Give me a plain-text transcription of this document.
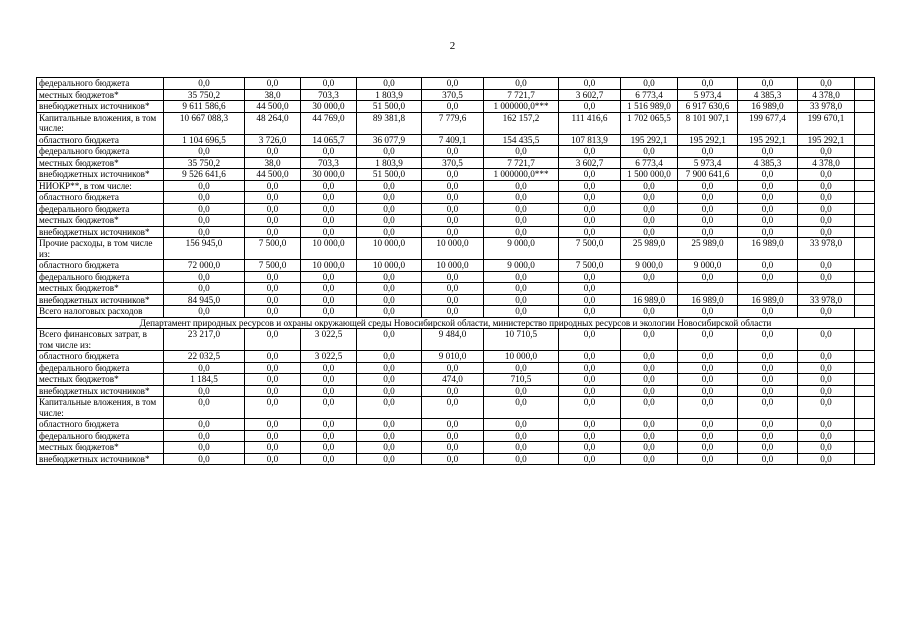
2
федерального бюджета	0,0	0,0	0,0	0,0	0,0	0,0	0,0	0,0	0,0	0,0	0,0	
местных бюджетов*	35 750,2	38,0	703,3	1 803,9	370,5	7 721,7	3 602,7	6 773,4	5 973,4	4 385,3	4 378,0	
внебюджетных источников*	9 611 586,6	44 500,0	30 000,0	51 500,0	0,0	1 000000,0***	0,0	1 516 989,0	6 917 630,6	16 989,0	33 978,0	
Капитальные вложения, в том числе:	10 667 088,3	48 264,0	44 769,0	89 381,8	7 779,6	162 157,2	111 416,6	1 702 065,5	8 101 907,1	199 677,4	199 670,1	
областного бюджета	1 104 696,5	3 726,0	14 065,7	36 077,9	7 409,1	154 435,5	107 813,9	195 292,1	195 292,1	195 292,1	195 292,1	
федерального бюджета	0,0	0,0	0,0	0,0	0,0	0,0	0,0	0,0	0,0	0,0	0,0	
местных бюджетов*	35 750,2	38,0	703,3	1 803,9	370,5	7 721,7	3 602,7	6 773,4	5 973,4	4 385,3	4 378,0	
внебюджетных источников*	9 526 641,6	44 500,0	30 000,0	51 500,0	0,0	1 000000,0***	0,0	1 500 000,0	7 900 641,6	0,0	0,0	
НИОКР**, в том числе:	0,0	0,0	0,0	0,0	0,0	0,0	0,0	0,0	0,0	0,0	0,0	
областного бюджета	0,0	0,0	0,0	0,0	0,0	0,0	0,0	0,0	0,0	0,0	0,0	
федерального бюджета	0,0	0,0	0,0	0,0	0,0	0,0	0,0	0,0	0,0	0,0	0,0	
местных бюджетов*	0,0	0,0	0,0	0,0	0,0	0,0	0,0	0,0	0,0	0,0	0,0	
внебюджетных источников*	0,0	0,0	0,0	0,0	0,0	0,0	0,0	0,0	0,0	0,0	0,0	
Прочие расходы, в том числе из:	156 945,0	7 500,0	10 000,0	10 000,0	10 000,0	9 000,0	7 500,0	25 989,0	25 989,0	16 989,0	33 978,0	
областного бюджета	72 000,0	7 500,0	10 000,0	10 000,0	10 000,0	9 000,0	7 500,0	9 000,0	9 000,0	0,0	0,0	
федерального бюджета	0,0	0,0	0,0	0,0	0,0	0,0	0,0	0,0	0,0	0,0	0,0	
местных бюджетов*	0,0	0,0	0,0	0,0	0,0	0,0	0,0					
внебюджетных источников*	84 945,0	0,0	0,0	0,0	0,0	0,0	0,0	16 989,0	16 989,0	16 989,0	33 978,0	
Всего налоговых расходов	0,0	0,0	0,0	0,0	0,0	0,0	0,0	0,0	0,0	0,0	0,0	
Департамент природных ресурсов и охраны окружающей среды Новосибирской области, министерство природных ресурсов и экологии Новосибирской области												
Всего финансовых затрат, в том числе из:	23 217,0	0,0	3 022,5	0,0	9 484,0	10 710,5	0,0	0,0	0,0	0,0	0,0	
областного бюджета	22 032,5	0,0	3 022,5	0,0	9 010,0	10 000,0	0,0	0,0	0,0	0,0	0,0	
федерального бюджета	0,0	0,0	0,0	0,0	0,0	0,0	0,0	0,0	0,0	0,0	0,0	
местных бюджетов*	1 184,5	0,0	0,0	0,0	474,0	710,5	0,0	0,0	0,0	0,0	0,0	
внебюджетных источников*	0,0	0,0	0,0	0,0	0,0	0,0	0,0	0,0	0,0	0,0	0,0	
Капитальные вложения, в том числе:	0,0	0,0	0,0	0,0	0,0	0,0	0,0	0,0	0,0	0,0	0,0	
областного бюджета	0,0	0,0	0,0	0,0	0,0	0,0	0,0	0,0	0,0	0,0	0,0	
федерального бюджета	0,0	0,0	0,0	0,0	0,0	0,0	0,0	0,0	0,0	0,0	0,0	
местных бюджетов*	0,0	0,0	0,0	0,0	0,0	0,0	0,0	0,0	0,0	0,0	0,0	
внебюджетных источников*	0,0	0,0	0,0	0,0	0,0	0,0	0,0	0,0	0,0	0,0	0,0	
